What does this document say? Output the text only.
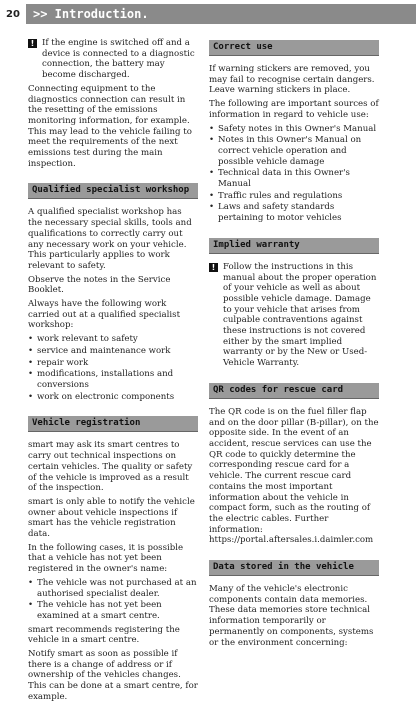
20	>> Introduction.
! If the engine is switched off and a device is connected to a diagnostic connection, the battery may become discharged.

Connecting equipment to the diagnostics connection can result in the resetting of the emissions monitoring information, for example. This may lead to the vehicle failing to meet the requirements of the next emissions test during the main inspection.

Qualified specialist workshop

A qualified specialist workshop has the necessary special skills, tools and qualifications to correctly carry out any necessary work on your vehicle. This particularly applies to work relevant to safety.

Observe the notes in the Service Booklet.

Always have the following work carried out at a qualified specialist workshop:

• work relevant to safety
• service and maintenance work
• repair work
• modifications, installations and conversions
• work on electronic components
Vehicle registration

smart may ask its smart centres to carry out technical inspections on certain vehicles. The quality or safety of the vehicle is improved as a result of the inspection.

smart is only able to notify the vehicle owner about vehicle inspections if smart has the vehicle registration data.

In the following cases, it is possible that a vehicle has not yet been registered in the owner's name:

• The vehicle was not purchased at an authorised specialist dealer.
• The vehicle has not yet been examined at a smart centre.

smart recommends registering the vehicle in a smart centre.

Notify smart as soon as possible if there is a change of address or if ownership of the vehicles changes. This can be done at a smart centre, for example.

Correct use

If warning stickers are removed, you may fail to recognise certain dangers. Leave warning stickers in place.

The following are important sources of information in regard to vehicle use:

• Safety notes in this Owner's Manual
• Notes in this Owner's Manual on correct vehicle operation and possible vehicle damage
• Technical data in this Owner's Manual
• Traffic rules and regulations
• Laws and safety standards pertaining to motor vehicles
Implied warranty
! Follow the instructions in this manual about the proper operation of your vehicle as well as about possible vehicle damage. Damage to your vehicle that arises from culpable contraventions against these instructions is not covered either by the smart implied warranty or by the New or Used-Vehicle Warranty.
QR codes for rescue card

The QR code is on the fuel filler flap and on the door pillar (B-pillar), on the opposite side. In the event of an accident, rescue services can use the QR code to quickly determine the corresponding rescue card for a vehicle. The current rescue card contains the most important information about the vehicle in compact form, such as the routing of the electric cables. Further information: https://portal.aftersales.i.daimler.com

Data stored in the vehicle

Many of the vehicle's electronic components contain data memories. These data memories store technical information temporarily or permanently on components, systems or the environment concerning:
